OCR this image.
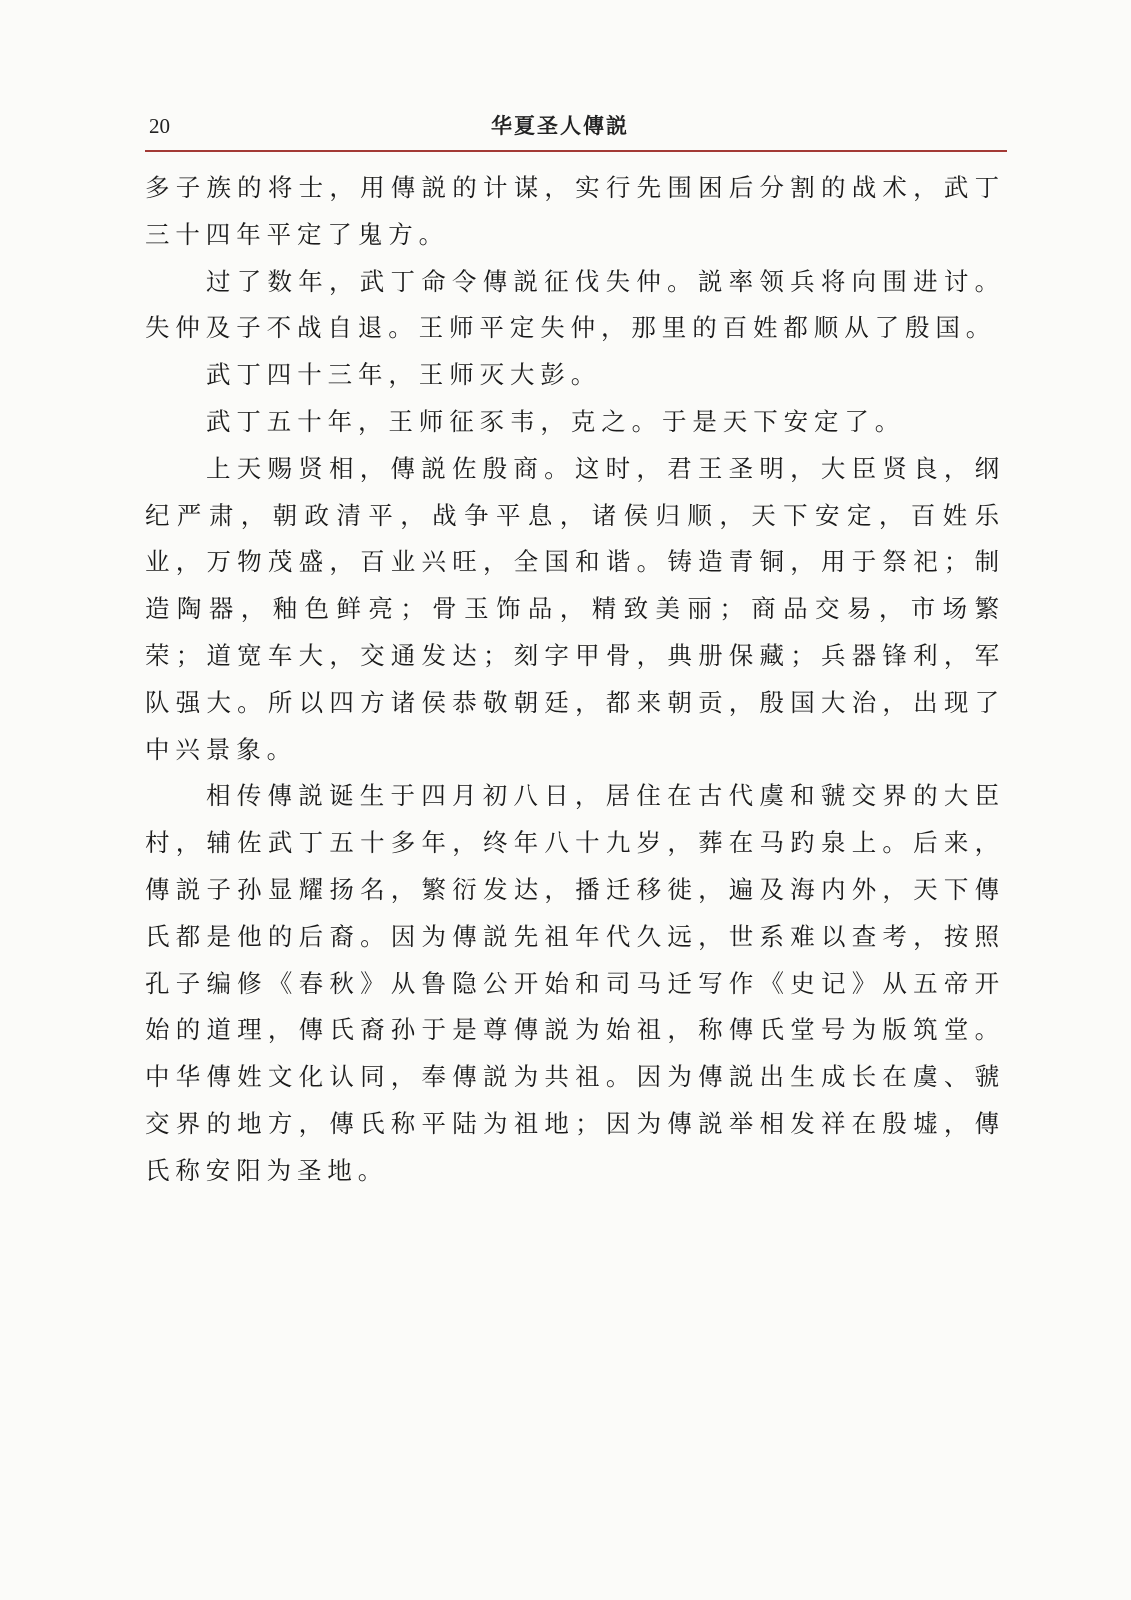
20	华夏圣人傳説

多子族的将士，用傳説的计谋，实行先围困后分割的战术，武丁三十四年平定了鬼方。

过了数年，武丁命令傳説征伐失仲。説率领兵将向围进讨。失仲及子不战自退。王师平定失仲，那里的百姓都顺从了殷国。

武丁四十三年，王师灭大彭。

武丁五十年，王师征豕韦，克之。于是天下安定了。

上天赐贤相，傳説佐殷商。这时，君王圣明，大臣贤良，纲纪严肃，朝政清平，战争平息，诸侯归顺，天下安定，百姓乐业，万物茂盛，百业兴旺，全国和谐。铸造青铜，用于祭祀；制造陶器，釉色鲜亮；骨玉饰品，精致美丽；商品交易，市场繁荣；道宽车大，交通发达；刻字甲骨，典册保藏；兵器锋利，军队强大。所以四方诸侯恭敬朝廷，都来朝贡，殷国大治，出现了中兴景象。

相传傳説诞生于四月初八日，居住在古代虞和虢交界的大臣村，辅佐武丁五十多年，终年八十九岁，葬在马趵泉上。后来，傳説子孙显耀扬名，繁衍发达，播迁移徙，遍及海内外，天下傳氏都是他的后裔。因为傳説先祖年代久远，世系难以查考，按照孔子编修《春秋》从鲁隐公开始和司马迁写作《史记》从五帝开始的道理，傳氏裔孙于是尊傳説为始祖，称傳氏堂号为版筑堂。中华傳姓文化认同，奉傳説为共祖。因为傳説出生成长在虞、虢交界的地方，傳氏称平陆为祖地；因为傳説举相发祥在殷墟，傳氏称安阳为圣地。
